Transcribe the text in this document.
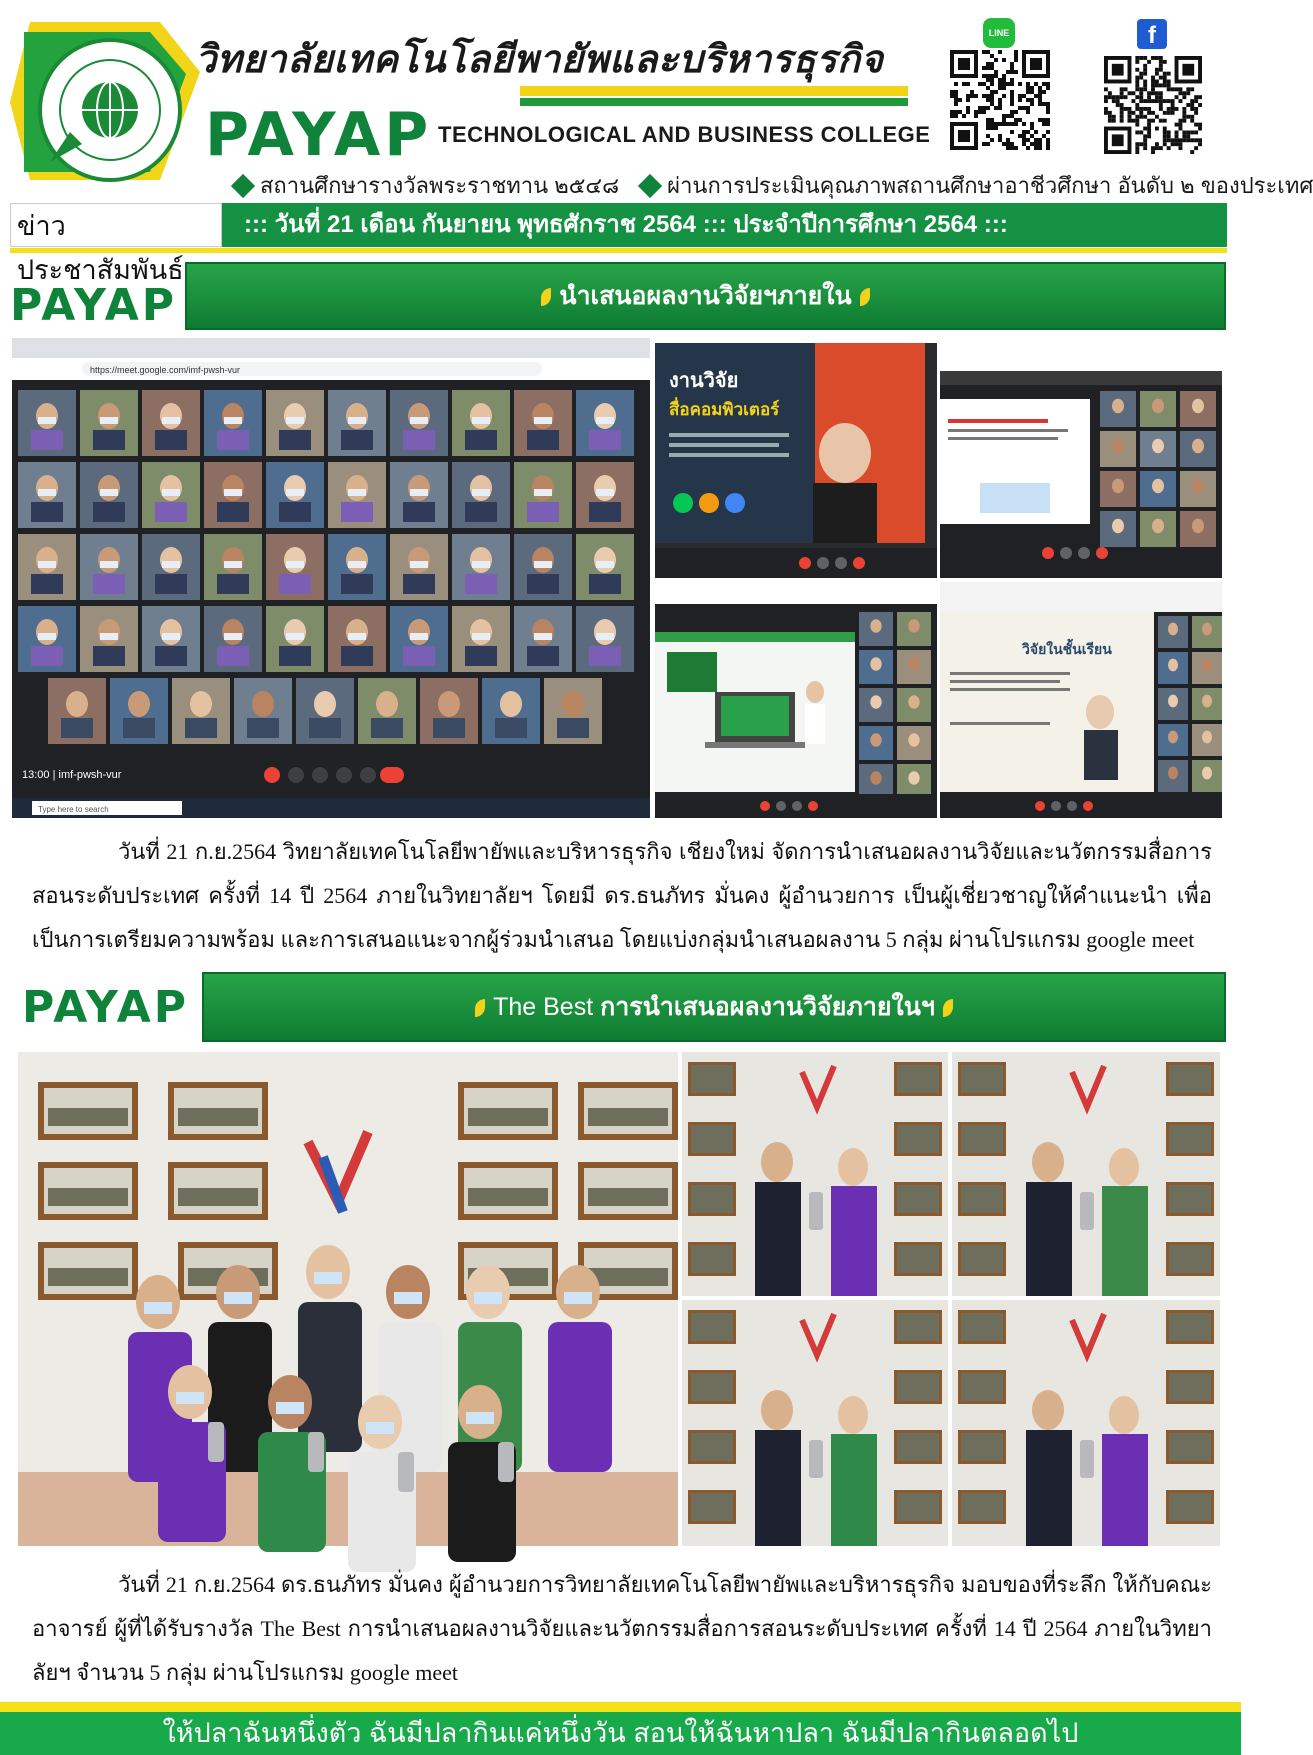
วิทยาลัยเทคโนโลยีพายัพและบริหารธุรกิจ
PAYAP TECHNOLOGICAL AND BUSINESS COLLEGE
สถานศึกษารางวัลพระราชทาน ๒๕๔๘ ผ่านการประเมินคุณภาพสถานศึกษาอาชีวศึกษา อันดับ ๒ ของประเทศ
LINE	f
ข่าวประชาสัมพันธ์
::: วันที่ 21 เดือน กันยายน พุทธศักราช 2564 ::: ประจำปีการศึกษา 2564 :::
PAYAP	นำเสนอผลงานวิจัยฯภายใน
https://meet.google.com/imf-pwsh-vur
13:00 | imf-pwsh-vur
Type here to search
งานวิจัย
สื่อคอมพิวเตอร์
วิจัยในชั้นเรียน

วันที่ 21 ก.ย.2564 วิทยาลัยเทคโนโลยีพายัพและบริหารธุรกิจ เชียงใหม่ จัดการนำเสนอผลงานวิจัยและนวัตกรรมสื่อการสอนระดับประเทศ ครั้งที่ 14 ปี 2564 ภายในวิทยาลัยฯ โดยมี ดร.ธนภัทร มั่นคง ผู้อำนวยการ เป็นผู้เชี่ยวชาญให้คำแนะนำ เพื่อเป็นการเตรียมความพร้อม และการเสนอแนะจากผู้ร่วมนำเสนอ โดยแบ่งกลุ่มนำเสนอผลงาน 5 กลุ่ม ผ่านโปรแกรม google meet

PAYAP	The Best การนำเสนอผลงานวิจัยภายในฯ

วันที่ 21 ก.ย.2564 ดร.ธนภัทร มั่นคง ผู้อำนวยการวิทยาลัยเทคโนโลยีพายัพและบริหารธุรกิจ มอบของที่ระลึก ให้กับคณะอาจารย์ ผู้ที่ได้รับรางวัล The Best การนำเสนอผลงานวิจัยและนวัตกรรมสื่อการสอนระดับประเทศ ครั้งที่ 14 ปี 2564 ภายในวิทยาลัยฯ จำนวน 5 กลุ่ม ผ่านโปรแกรม google meet

ให้ปลาฉันหนึ่งตัว ฉันมีปลากินแค่หนึ่งวัน สอนให้ฉันหาปลา ฉันมีปลากินตลอดไป
